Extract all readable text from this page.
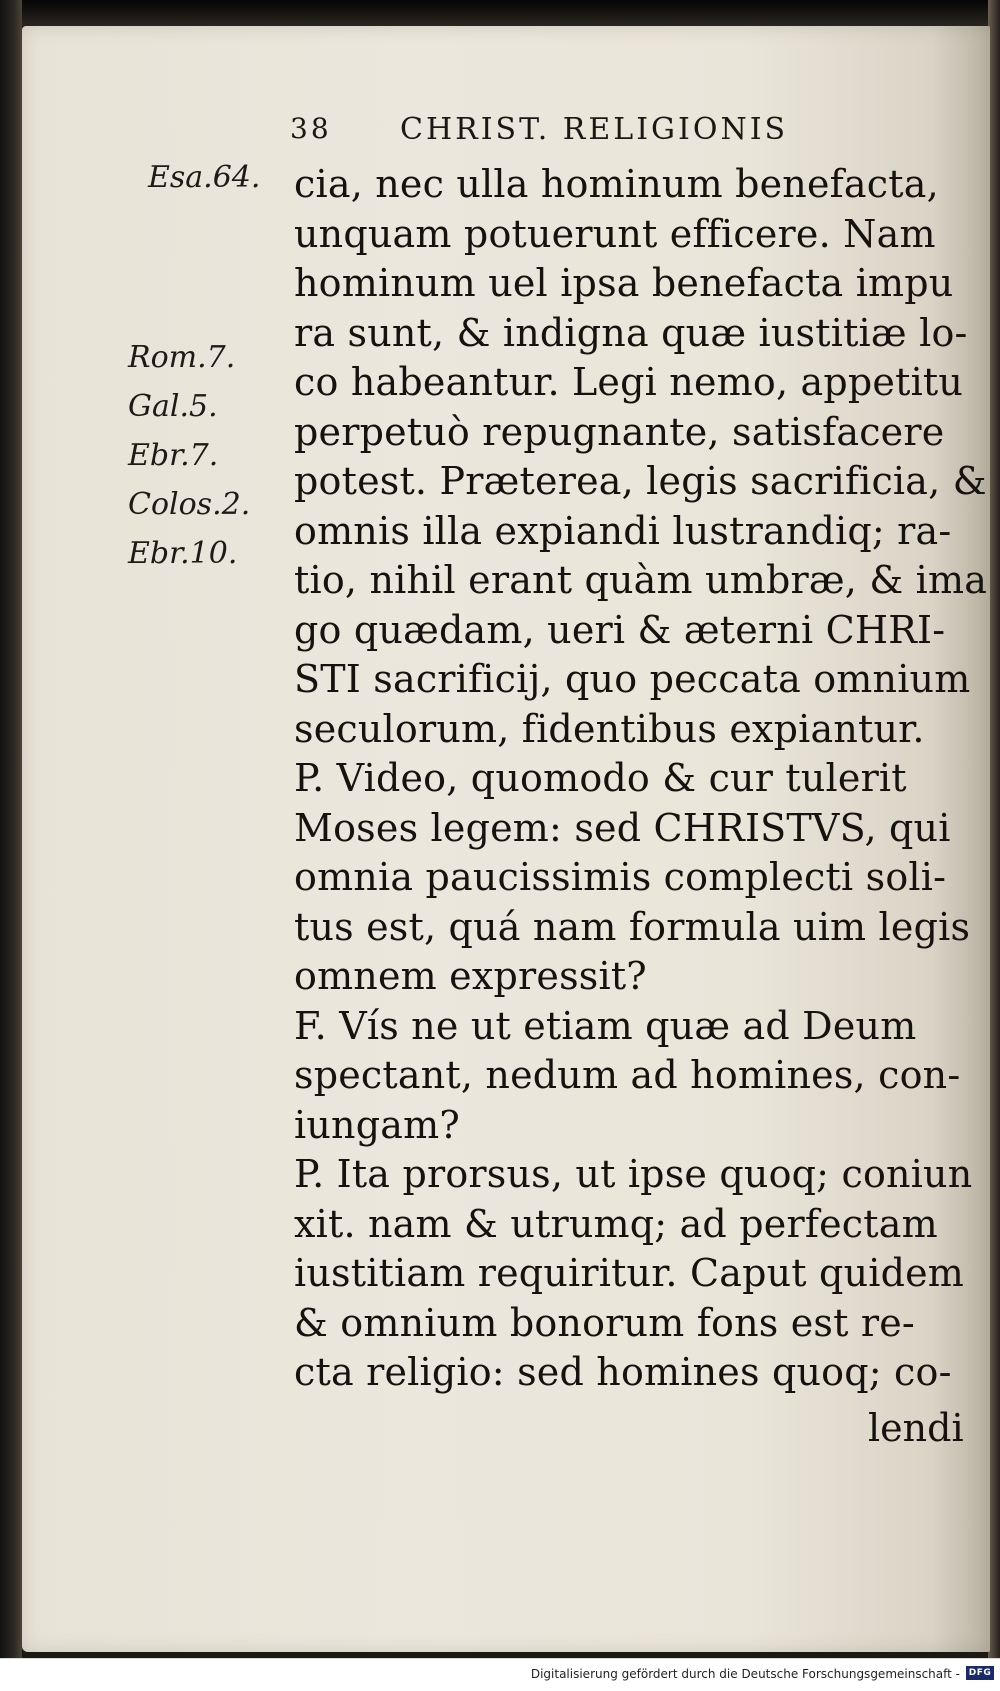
38 CHRIST. RELIGIONIS
Esa.64.
Rom.7.
Gal.5.
Ebr.7.
Colos.2.
Ebr.10.
cia, nec ulla hominum benefacta,
unquam potuerunt efficere. Nam
hominum uel ipsa benefacta impu
ra sunt, & indigna quæ iustitiæ lo-
co habeantur. Legi nemo, appetitu
perpetuò repugnante, satisfacere
potest. Præterea, legis sacrificia, &
omnis illa expiandi lustrandiq; ra-
tio, nihil erant quàm umbræ, & ima
go quædam, ueri & æterni CHRI-
STI sacrificij, quo peccata omnium
seculorum, fidentibus expiantur.
P. Video, quomodo & cur tulerit
Moses legem: sed CHRISTVS, qui
omnia paucissimis complecti soli-
tus est, quá nam formula uim legis
omnem expressit?
F. Vís ne ut etiam quæ ad Deum
spectant, nedum ad homines, con-
iungam?
P. Ita prorsus, ut ipse quoq; coniun
xit. nam & utrumq; ad perfectam
iustitiam requiritur. Caput quidem
& omnium bonorum fons est re-
cta religio: sed homines quoq; co-
lendi
Digitalisierung gefördert durch die Deutsche Forschungsgemeinschaft - DFG
